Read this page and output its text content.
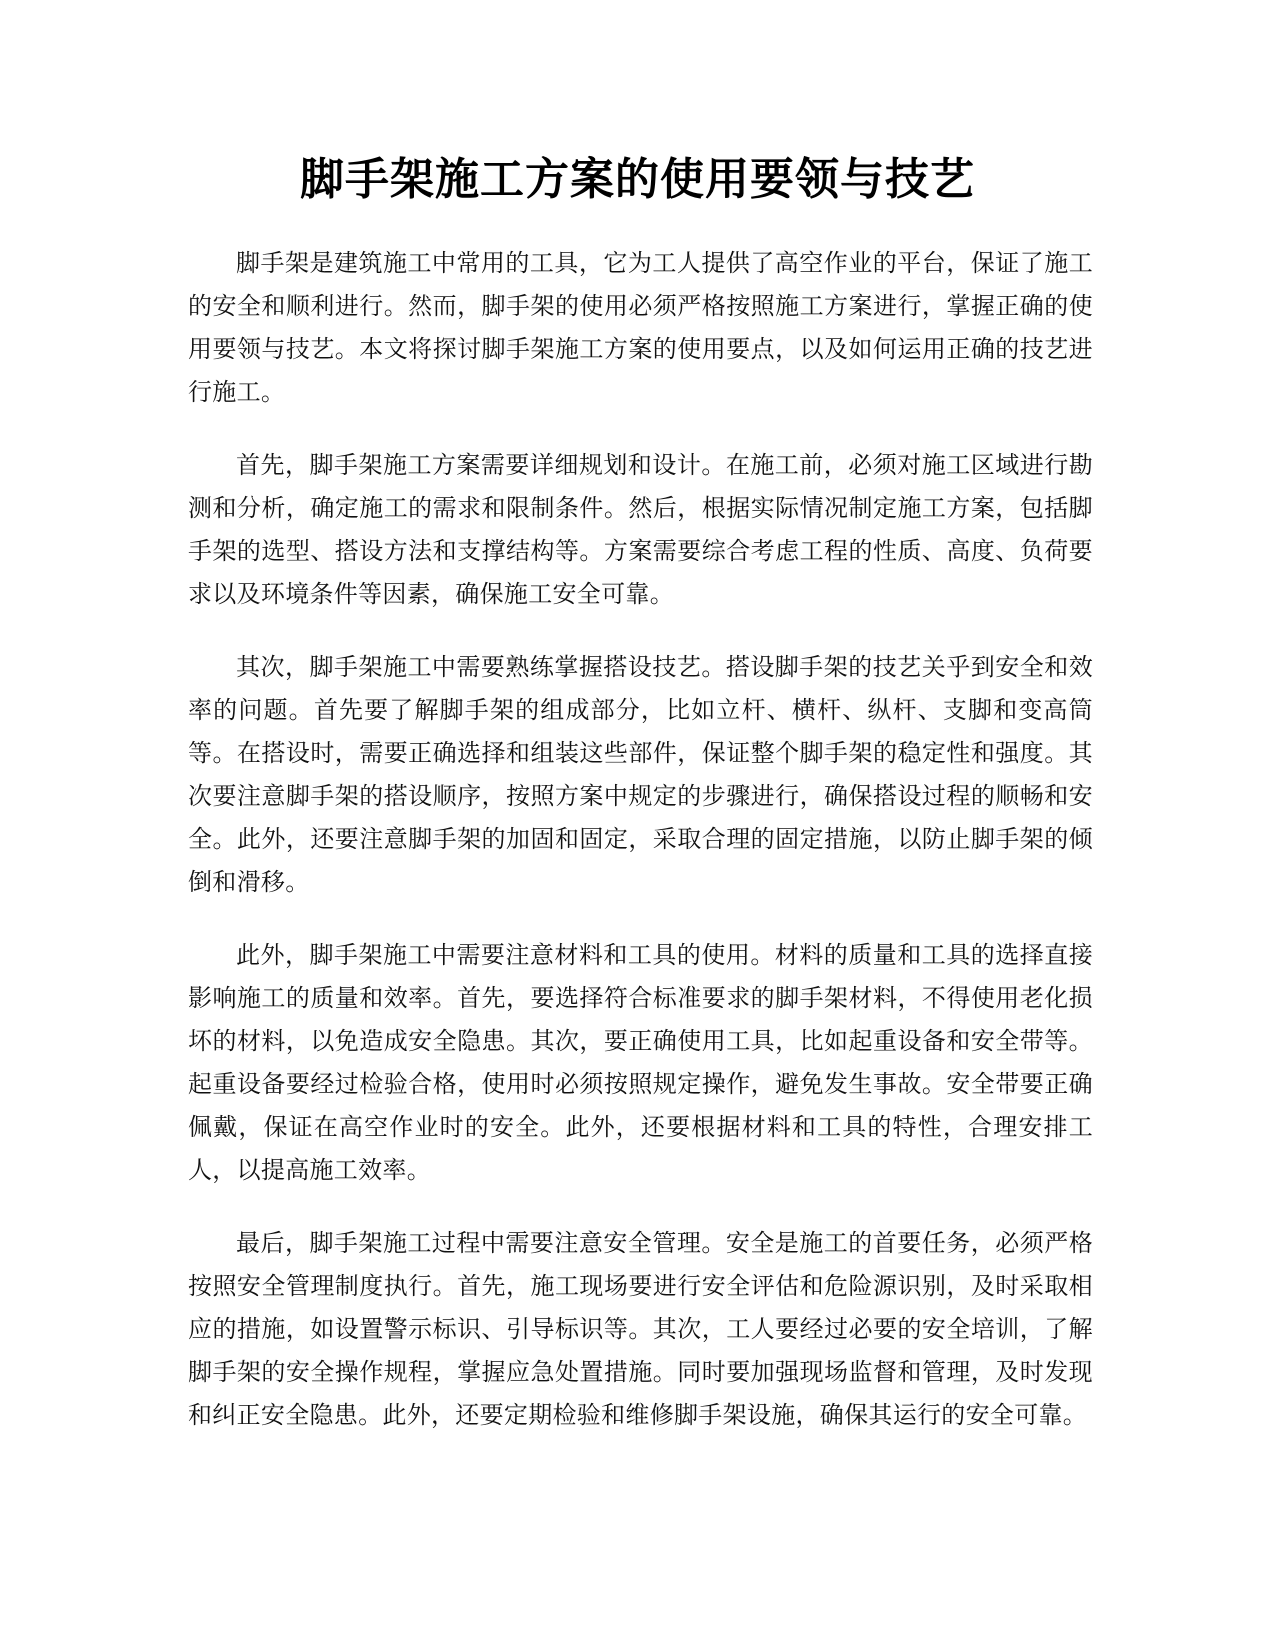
脚手架施工方案的使用要领与技艺

脚手架是建筑施工中常用的工具，它为工人提供了高空作业的平台，保证了施工的安全和顺利进行。然而，脚手架的使用必须严格按照施工方案进行，掌握正确的使用要领与技艺。本文将探讨脚手架施工方案的使用要点，以及如何运用正确的技艺进行施工。

首先，脚手架施工方案需要详细规划和设计。在施工前，必须对施工区域进行勘测和分析，确定施工的需求和限制条件。然后，根据实际情况制定施工方案，包括脚手架的选型、搭设方法和支撑结构等。方案需要综合考虑工程的性质、高度、负荷要求以及环境条件等因素，确保施工安全可靠。

其次，脚手架施工中需要熟练掌握搭设技艺。搭设脚手架的技艺关乎到安全和效率的问题。首先要了解脚手架的组成部分，比如立杆、横杆、纵杆、支脚和变高筒等。在搭设时，需要正确选择和组装这些部件，保证整个脚手架的稳定性和强度。其次要注意脚手架的搭设顺序，按照方案中规定的步骤进行，确保搭设过程的顺畅和安全。此外，还要注意脚手架的加固和固定，采取合理的固定措施，以防止脚手架的倾倒和滑移。

此外，脚手架施工中需要注意材料和工具的使用。材料的质量和工具的选择直接影响施工的质量和效率。首先，要选择符合标准要求的脚手架材料，不得使用老化损坏的材料，以免造成安全隐患。其次，要正确使用工具，比如起重设备和安全带等。起重设备要经过检验合格，使用时必须按照规定操作，避免发生事故。安全带要正确佩戴，保证在高空作业时的安全。此外，还要根据材料和工具的特性，合理安排工人，以提高施工效率。

最后，脚手架施工过程中需要注意安全管理。安全是施工的首要任务，必须严格按照安全管理制度执行。首先，施工现场要进行安全评估和危险源识别，及时采取相应的措施，如设置警示标识、引导标识等。其次，工人要经过必要的安全培训，了解脚手架的安全操作规程，掌握应急处置措施。同时要加强现场监督和管理，及时发现和纠正安全隐患。此外，还要定期检验和维修脚手架设施，确保其运行的安全可靠。
